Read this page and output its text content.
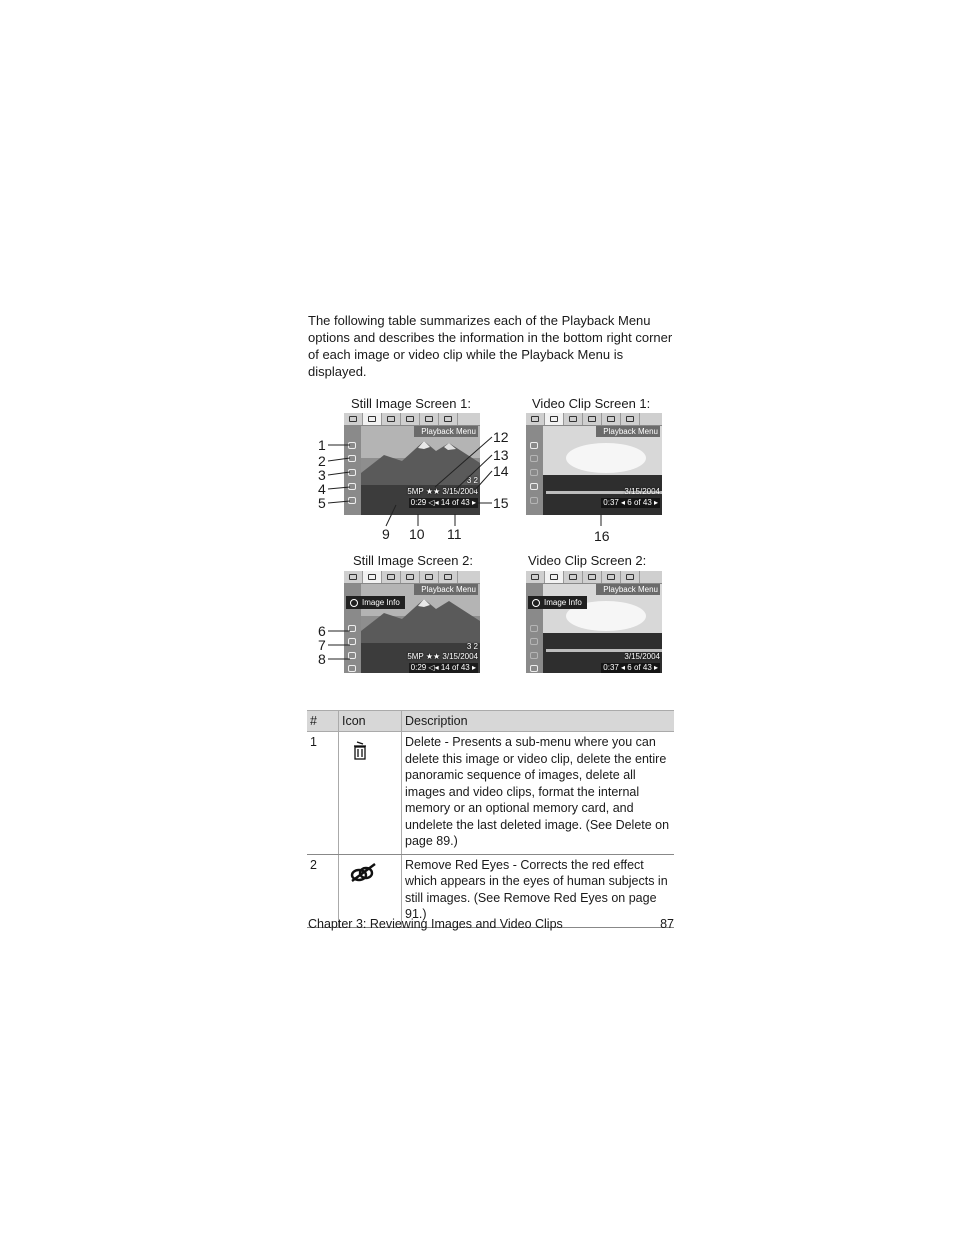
The following table summarizes each of the Playback Menu options and describes the information in the bottom right corner of each image or video clip while the Playback Menu is displayed.

Still Image Screen 1:	Video Clip Screen 1:
Still Image Screen 2:	Video Clip Screen 2:
Playback Menu
3 2
5MP ★★ 3/15/2004
0:29 ◁◂ 14 of 43 ▸
Playback Menu
3/15/2004
0:37 ◂ 6 of 43 ▸
Playback Menu
Image Info
3 2
5MP ★★ 3/15/2004
0:29 ◁◂ 14 of 43 ▸
Playback Menu
Image Info
3/15/2004
0:37 ◂ 6 of 43 ▸
1
2
3
4
5
6
7
8
9 10 11
12
13
14
15
16
#	Icon	Description
1		Delete - Presents a sub-menu where you can delete this image or video clip, delete the entire panoramic sequence of images, delete all images and video clips, format the internal memory or an optional memory card, and undelete the last deleted image. (See Delete on page 89.)
2		Remove Red Eyes - Corrects the red effect which appears in the eyes of human subjects in still images. (See Remove Red Eyes on page 91.)
Chapter 3: Reviewing Images and Video Clips	87
